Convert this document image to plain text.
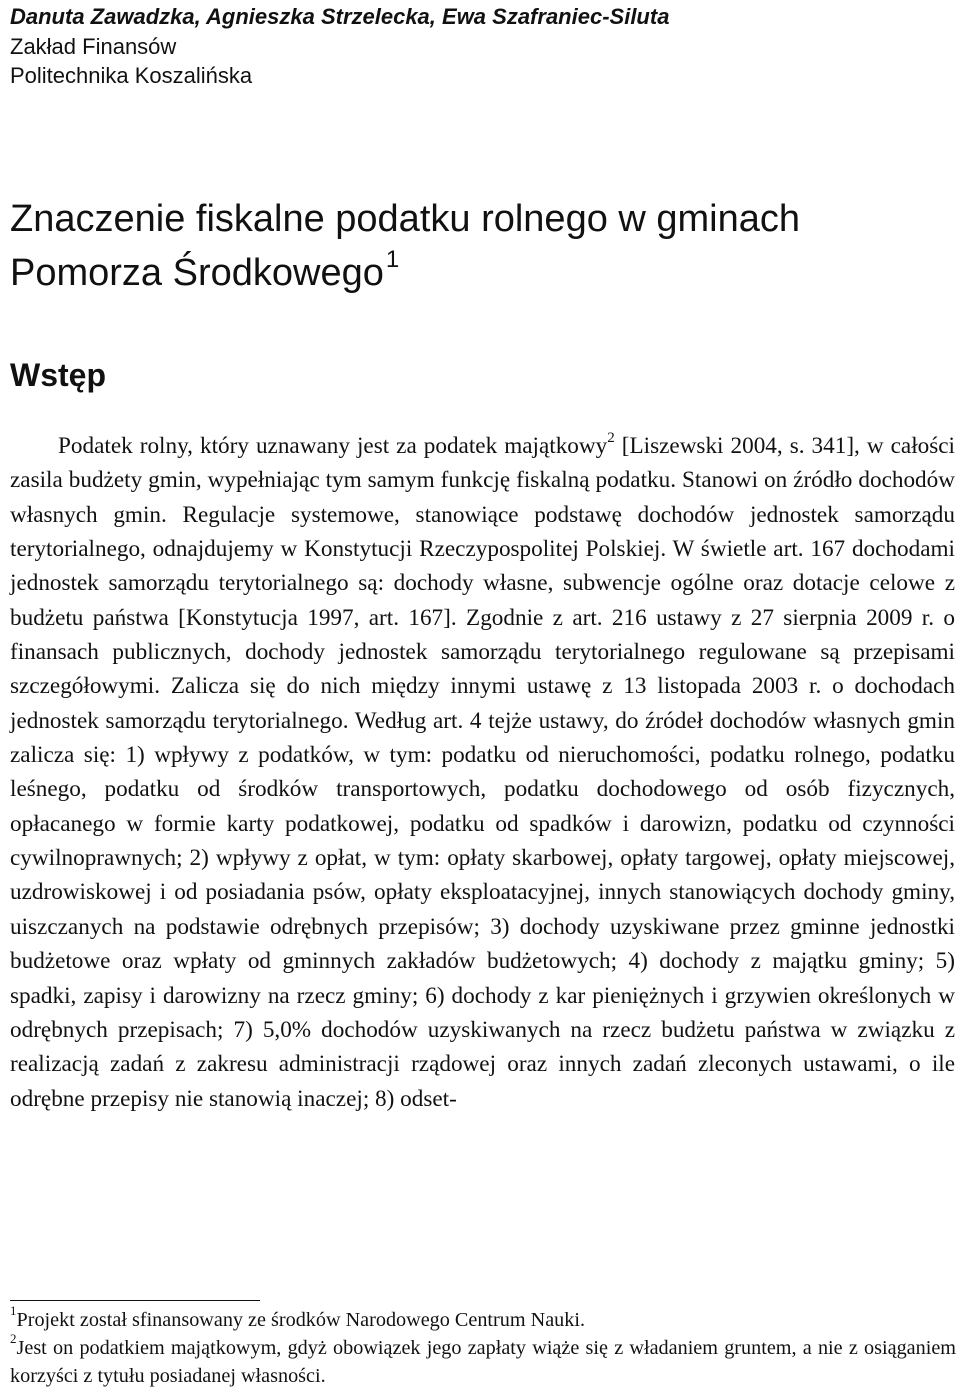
Danuta Zawadzka, Agnieszka Strzelecka, Ewa Szafraniec-Siluta
Zakład Finansów
Politechnika Koszalińska
Znaczenie fiskalne podatku rolnego w gminach
Pomorza Środkowego$^1$
Wstęp
Podatek rolny, który uznawany jest za podatek majątkowy$^2$ [Liszewski 2004, s. 341], w całości zasila budżety gmin, wypełniając tym samym funkcję fiskalną podatku. Stanowi on źródło dochodów własnych gmin. Regulacje systemowe, stanowiące podstawę dochodów jednostek samorządu terytorialnego, odnajdujemy w Konstytucji Rzeczypospolitej Polskiej. W świetle art. 167 dochodami jednostek samorządu terytorialnego są: dochody własne, subwencje ogólne oraz dotacje celowe z budżetu państwa [Konstytucja 1997, art. 167]. Zgodnie z art. 216 ustawy z 27 sierpnia 2009 r. o finansach publicznych, dochody jednostek samorządu terytorialnego regulowane są przepisami szczegółowymi. Zalicza się do nich między innymi ustawę z 13 listopada 2003 r. o dochodach jednostek samorządu terytorialnego. Według art. 4 tejże ustawy, do źródeł dochodów własnych gmin zalicza się: 1) wpływy z podatków, w tym: podatku od nieruchomości, podatku rolnego, podatku leśnego, podatku od środków transportowych, podatku dochodowego od osób fizycznych, opłacanego w formie karty podatkowej, podatku od spadków i darowizn, podatku od czynności cywilnoprawnych; 2) wpływy z opłat, w tym: opłaty skarbowej, opłaty targowej, opłaty miejscowej, uzdrowiskowej i od posiadania psów, opłaty eksploatacyjnej, innych stanowiących dochody gminy, uiszczanych na podstawie odrębnych przepisów; 3) dochody uzyskiwane przez gminne jednostki budżetowe oraz wpłaty od gminnych zakładów budżetowych; 4) dochody z majątku gminy; 5) spadki, zapisy i darowizny na rzecz gminy; 6) dochody z kar pieniężnych i grzywien określonych w odrębnych przepisach; 7) 5,0% dochodów uzyskiwanych na rzecz budżetu państwa w związku z realizacją zadań z zakresu administracji rządowej oraz innych zadań zleconych ustawami, o ile odrębne przepisy nie stanowią inaczej; 8) odset-
$^1$Projekt został sfinansowany ze środków Narodowego Centrum Nauki.
$^2$Jest on podatkiem majątkowym, gdyż obowiązek jego zapłaty wiąże się z władaniem gruntem, a nie z osiąganiem korzyści z tytułu posiadanej własności.
